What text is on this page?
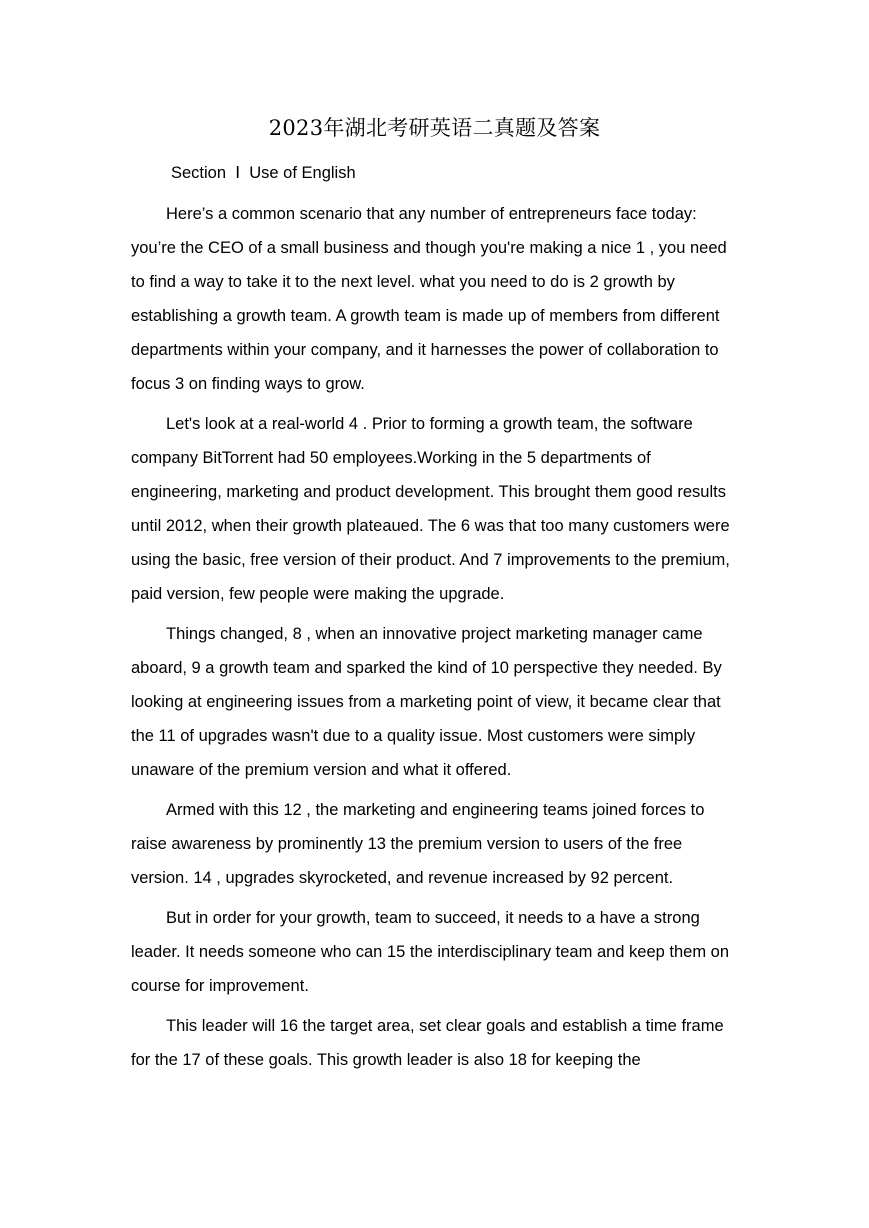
2023年湖北考研英语二真题及答案
Section  Ⅰ  Use of English

Here’s a common scenario that any number of entrepreneurs face today: you’re the CEO of a small business and though you're making a nice 1 , you need to find a way to take it to the next level. what you need to do is 2 growth by establishing a growth team. A growth team is made up of members from different departments within your company, and it harnesses the power of collaboration to focus 3 on finding ways to grow.

Let's look at a real-world 4 . Prior to forming a growth team, the software company BitTorrent had 50 employees.Working in the 5 departments of engineering, marketing and product development. This brought them good results until 2012, when their growth plateaued. The 6 was that too many customers were using the basic, free version of their product. And 7 improvements to the premium, paid version, few people were making the upgrade.

Things changed, 8 , when an innovative project marketing manager came aboard, 9 a growth team and sparked the kind of 10 perspective they needed. By looking at engineering issues from a marketing point of view, it became clear that the 11 of upgrades wasn't due to a quality issue. Most customers were simply unaware of the premium version and what it offered.

Armed with this 12 , the marketing and engineering teams joined forces to raise awareness by prominently 13 the premium version to users of the free version. 14 , upgrades skyrocketed, and revenue increased by 92 percent.

But in order for your growth, team to succeed, it needs to a have a strong leader. It needs someone who can 15 the interdisciplinary team and keep them on course for improvement.

This leader will 16 the target area, set clear goals and establish a time frame for the 17 of these goals. This growth leader is also 18 for keeping the
